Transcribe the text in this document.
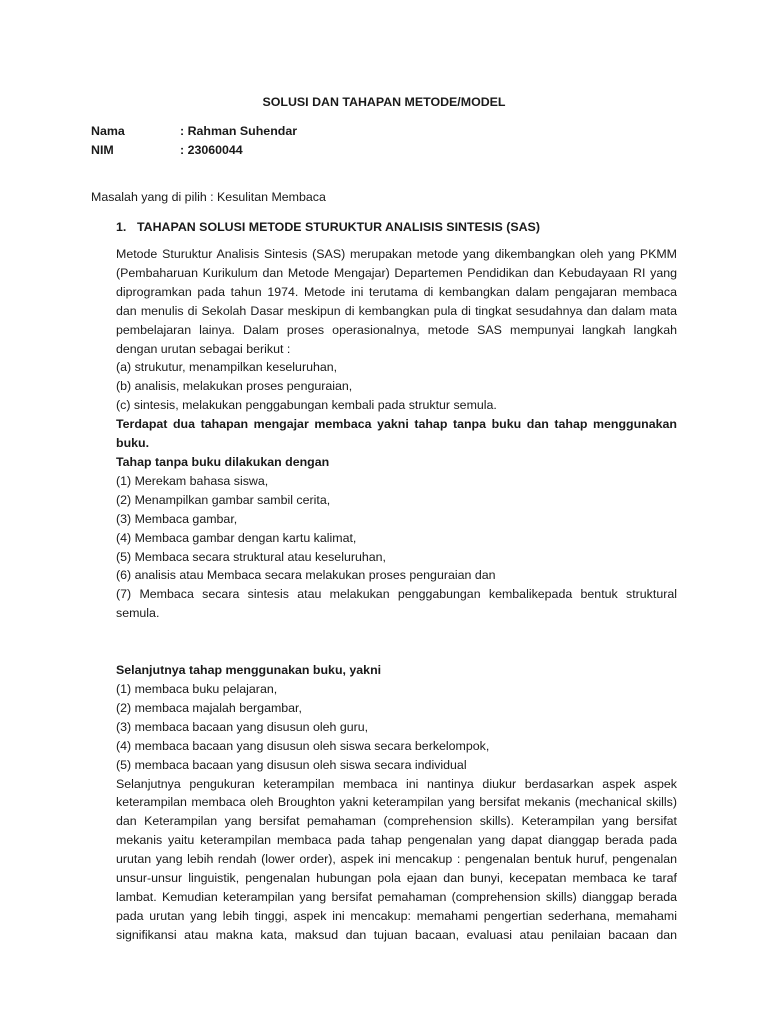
SOLUSI DAN TAHAPAN METODE/MODEL
Nama	: Rahman Suhendar
NIM	: 23060044
Masalah yang di pilih : Kesulitan Membaca
1. TAHAPAN SOLUSI METODE STURUKTUR ANALISIS SINTESIS (SAS)

Metode Sturuktur Analisis Sintesis (SAS) merupakan metode yang dikembangkan oleh yang PKMM

(Pembaharuan Kurikulum dan Metode Mengajar) Departemen Pendidikan dan Kebudayaan RI yang

diprogramkan pada tahun 1974. Metode ini terutama di kembangkan dalam pengajaran membaca

dan menulis di Sekolah Dasar meskipun di kembangkan pula di tingkat sesudahnya dan dalam mata

pembelajaran lainya. Dalam proses operasionalnya, metode SAS mempunyai langkah langkah

dengan urutan sebagai berikut :

(a) strukutur, menampilkan keseluruhan,

(b) analisis, melakukan proses penguraian,

(c) sintesis, melakukan penggabungan kembali pada struktur semula.

Terdapat dua tahapan mengajar membaca yakni tahap tanpa buku dan tahap menggunakan buku.

Tahap tanpa buku dilakukan dengan

(1) Merekam bahasa siswa,

(2) Menampilkan gambar sambil cerita,

(3) Membaca gambar,

(4) Membaca gambar dengan kartu kalimat,

(5) Membaca secara struktural atau keseluruhan,

(6) analisis atau Membaca secara melakukan proses penguraian dan

(7) Membaca secara sintesis atau melakukan penggabungan kembalikepada bentuk struktural

semula.

Selanjutnya tahap menggunakan buku, yakni

(1) membaca buku pelajaran,

(2) membaca majalah bergambar,

(3) membaca bacaan yang disusun oleh guru,

(4) membaca bacaan yang disusun oleh siswa secara berkelompok,

(5) membaca bacaan yang disusun oleh siswa secara individual

Selanjutnya pengukuran keterampilan membaca ini nantinya diukur berdasarkan aspek aspek

keterampilan membaca oleh Broughton yakni keterampilan yang bersifat mekanis (mechanical skills)

dan Keterampilan yang bersifat pemahaman (comprehension skills). Keterampilan yang bersifat

mekanis yaitu keterampilan membaca pada tahap pengenalan yang dapat dianggap berada pada

urutan yang lebih rendah (lower order), aspek ini mencakup : pengenalan bentuk huruf, pengenalan

unsur-unsur linguistik, pengenalan hubungan pola ejaan dan bunyi, kecepatan membaca ke taraf

lambat. Kemudian keterampilan yang bersifat pemahaman (comprehension skills) dianggap berada

pada urutan yang lebih tinggi, aspek ini mencakup: memahami pengertian sederhana, memahami

signifikansi atau makna kata, maksud dan tujuan bacaan, evaluasi atau penilaian bacaan dan
